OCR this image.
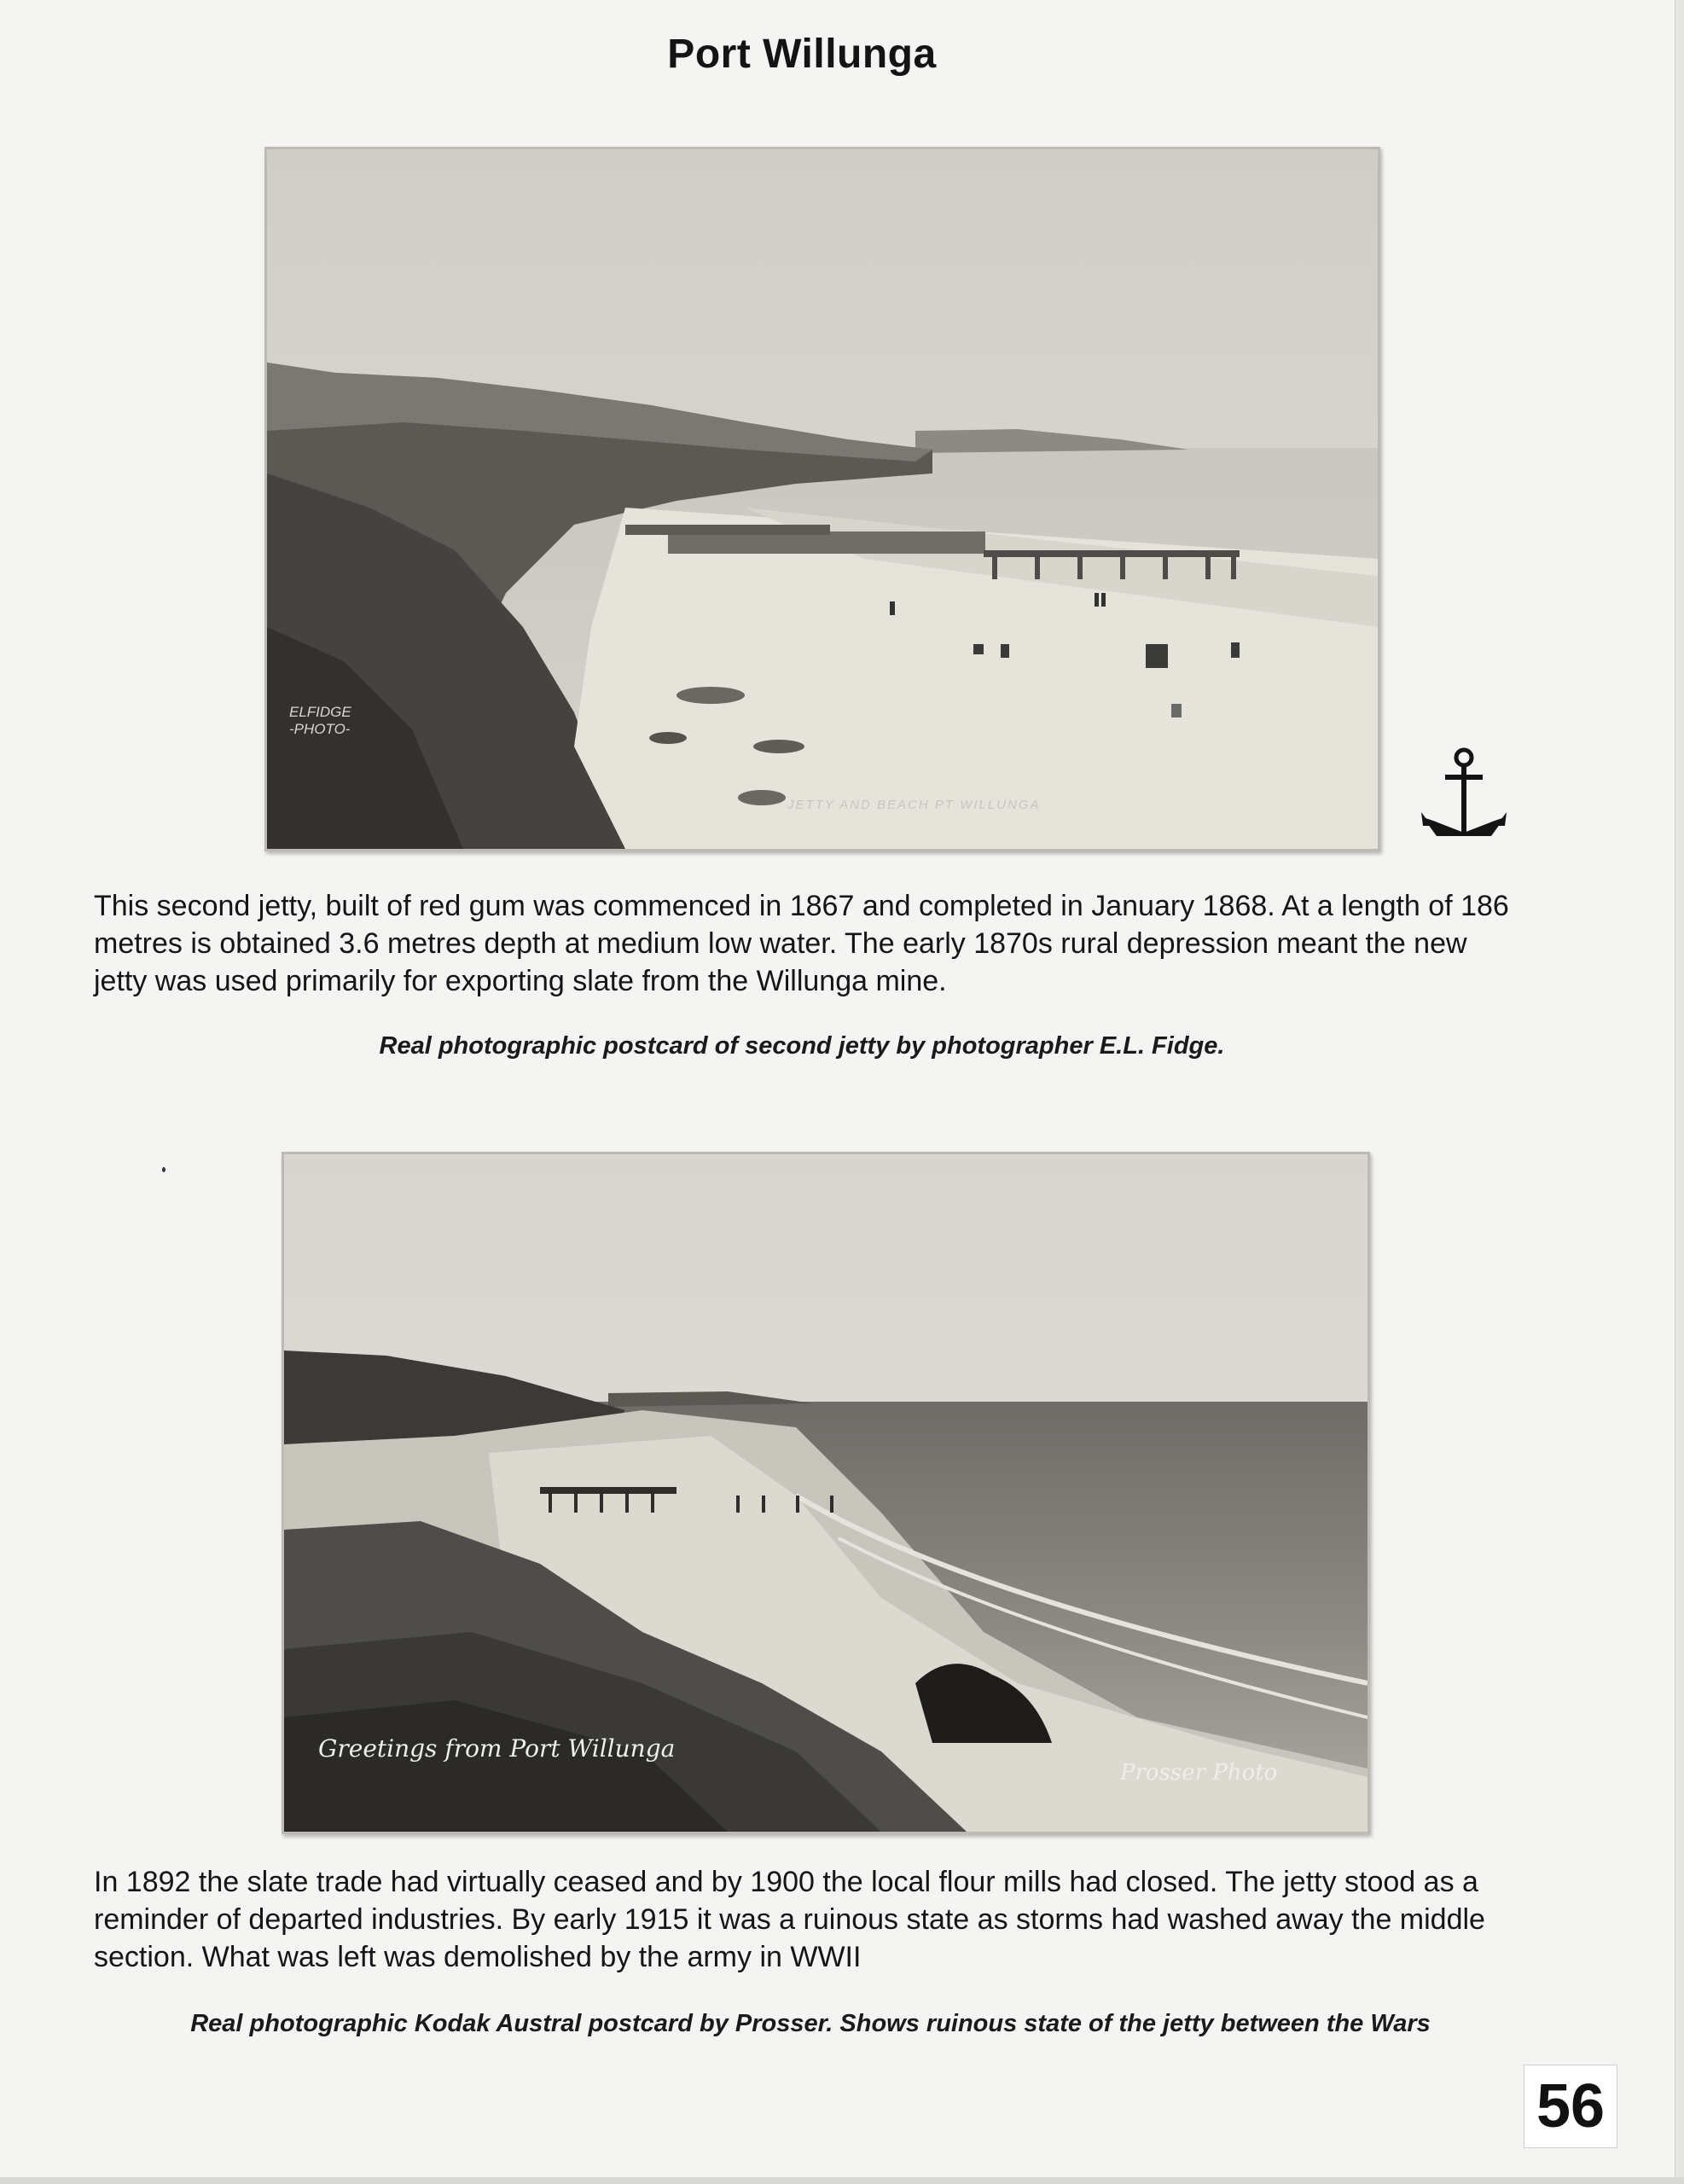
Port Willunga
ELFIDGE
-PHOTO-
JETTY AND BEACH PT WILLUNGA
This second jetty, built of red gum was commenced in 1867 and completed in January 1868. At a length of 186 metres is obtained 3.6 metres depth at medium low water. The early 1870s rural depression meant the new jetty was used primarily for exporting slate from the Willunga mine.
Real photographic postcard of second jetty by photographer E.L. Fidge.
Greetings from Port Willunga
Prosser Photo
In 1892 the slate trade had virtually ceased and by 1900 the local flour mills had closed. The jetty stood as a reminder of departed industries. By early 1915 it was a ruinous state as storms had washed away the middle section. What was left was demolished by the army in WWII
Real photographic Kodak Austral postcard by Prosser. Shows ruinous state of the jetty between the Wars
56
